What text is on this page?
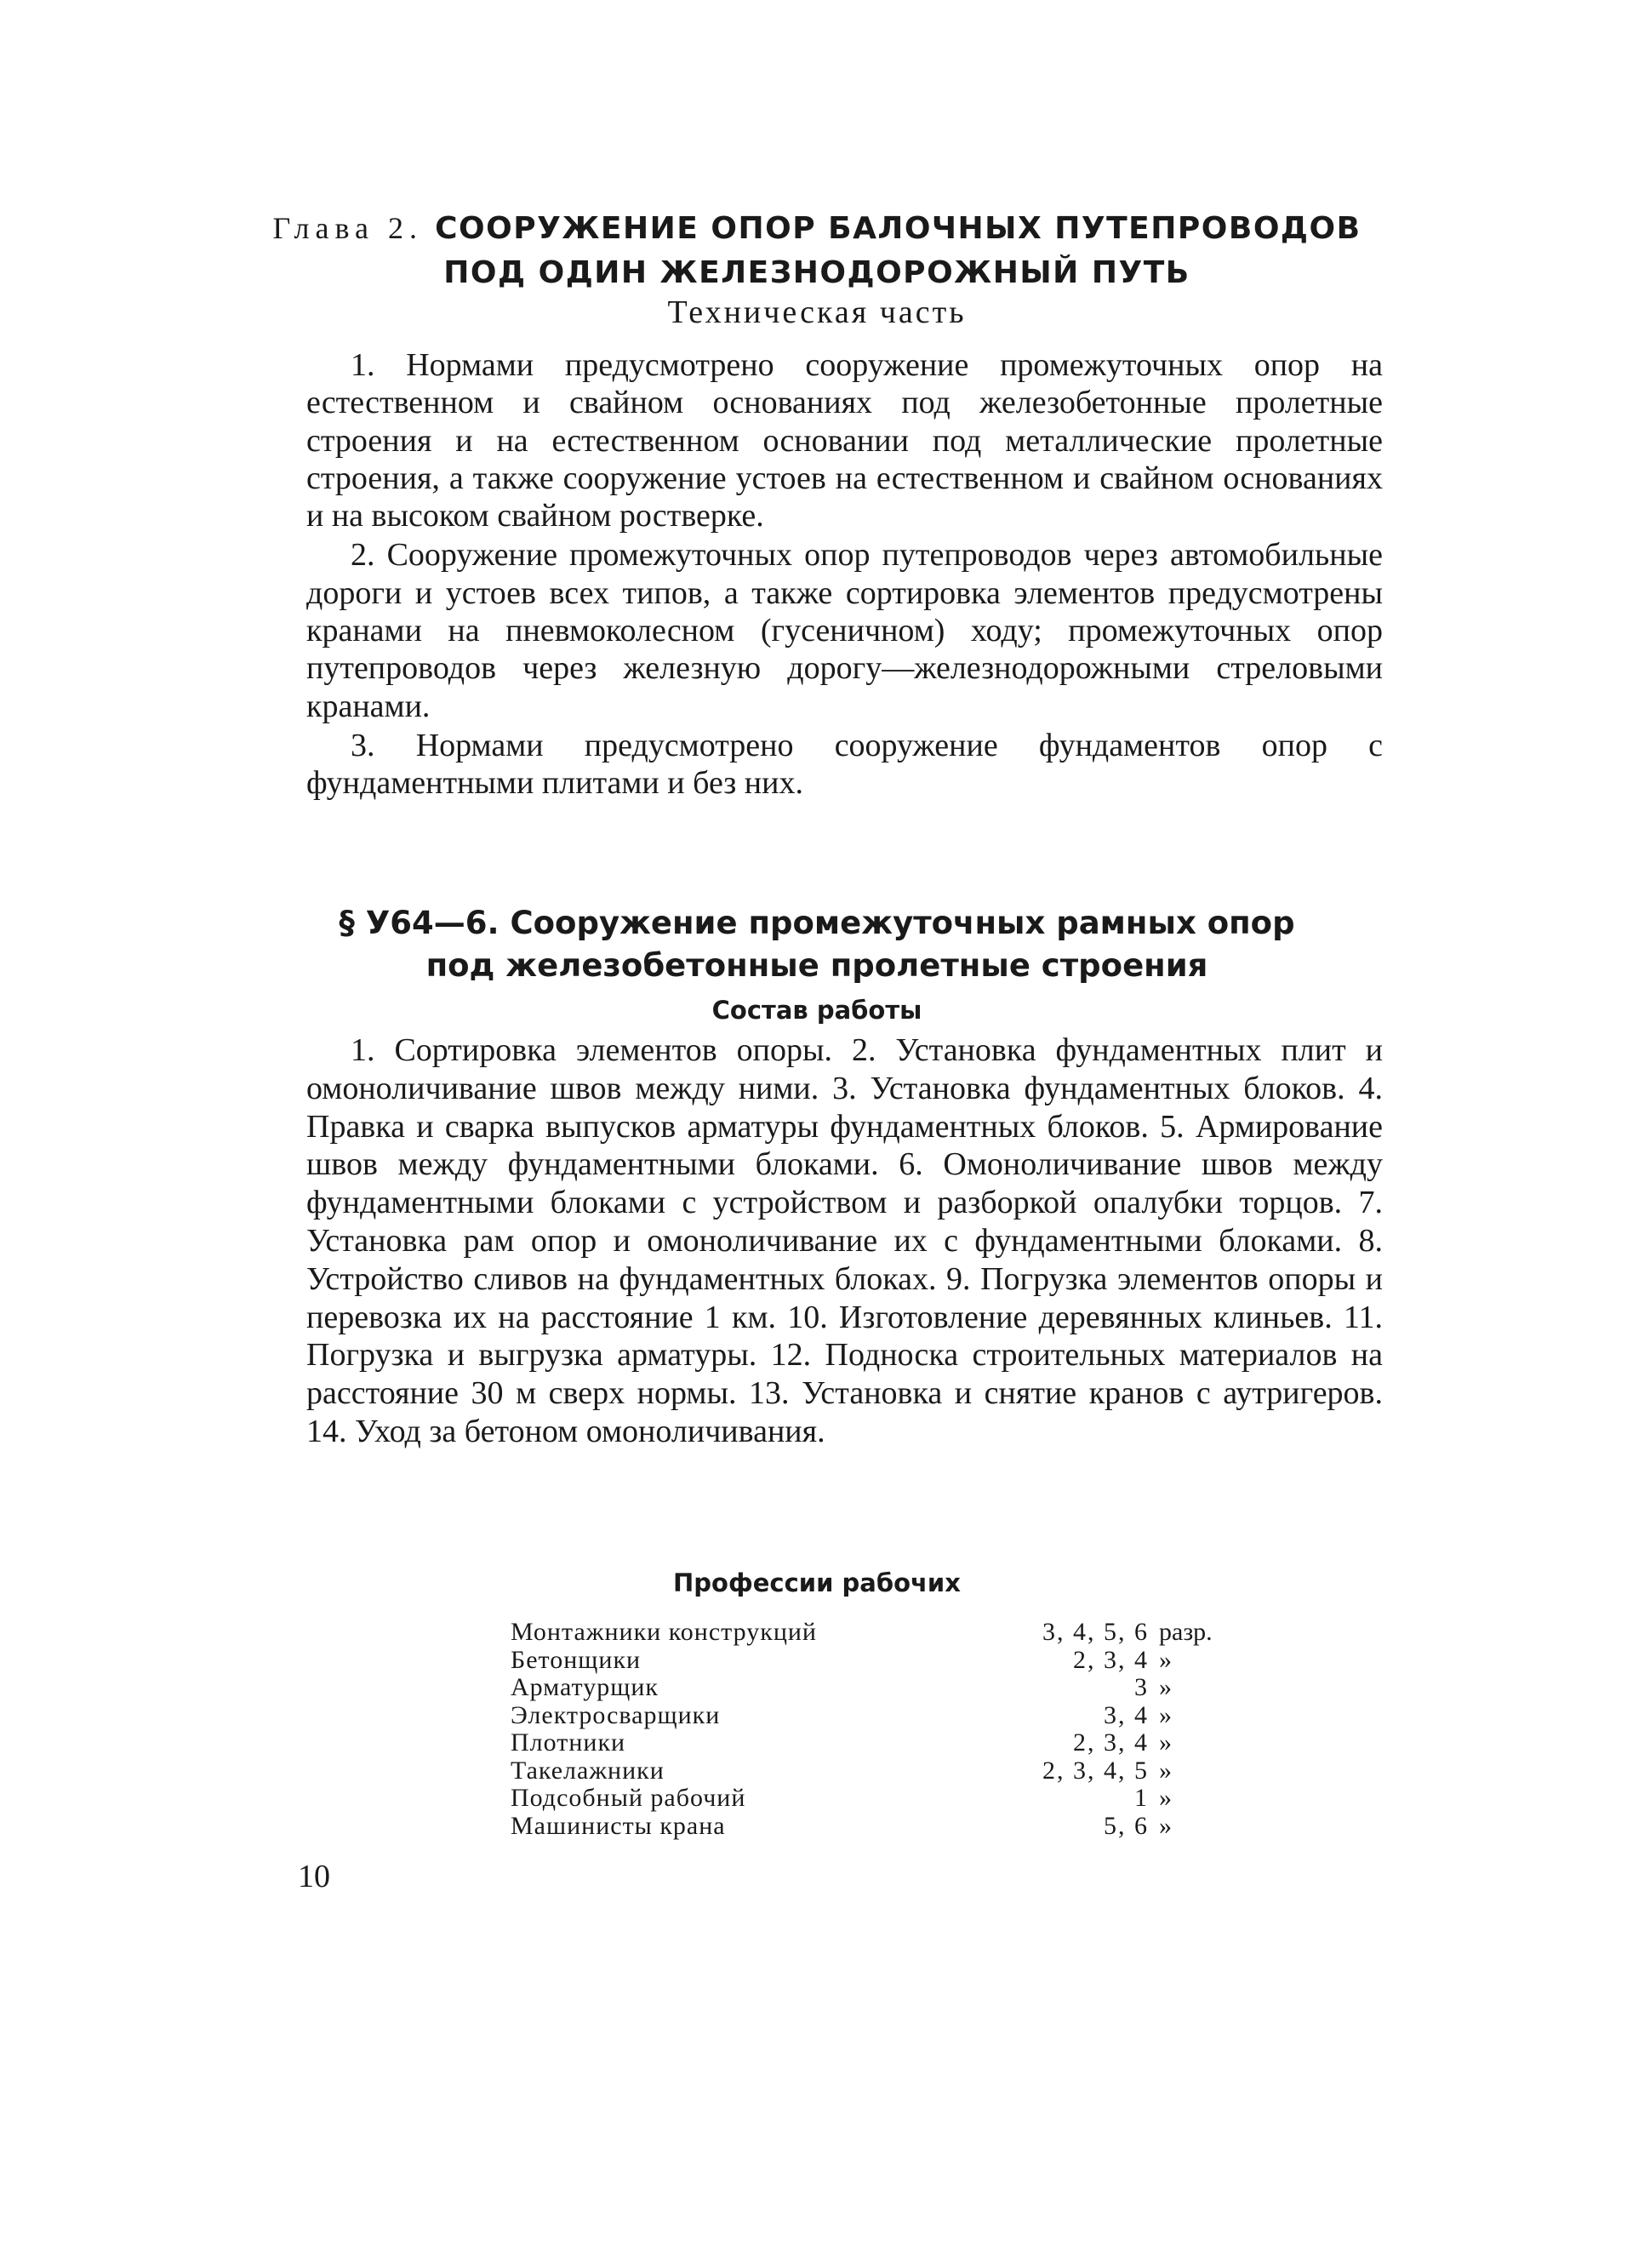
Глава 2. СООРУЖЕНИЕ ОПОР БАЛОЧНЫХ ПУТЕПРОВОДОВ
ПОД ОДИН ЖЕЛЕЗНОДОРОЖНЫЙ ПУТЬ
Техническая часть

1. Нормами предусмотрено сооружение промежуточных опор на естественном и свайном основаниях под железобетонные пролетные строения и на естественном основании под металлические пролетные строения, а также сооружение устоев на естественном и свайном основаниях и на высоком свайном ростверке.

2. Сооружение промежуточных опор путепроводов через автомобильные дороги и устоев всех типов, а также сортировка элементов предусмотрены кранами на пневмоколесном (гусеничном) ходу; промежуточных опор путепроводов через железную дорогу—железнодорожными стреловыми кранами.

3. Нормами предусмотрено сооружение фундаментов опор с фундаментными плитами и без них.

§ У64—6. Сооружение промежуточных рамных опор
под железобетонные пролетные строения
Состав работы

1. Сортировка элементов опоры. 2. Установка фундаментных плит и омоноличивание швов между ними. 3. Установка фундаментных блоков. 4. Правка и сварка выпусков арматуры фундаментных блоков. 5. Армирование швов между фундаментными блоками. 6. Омоноличивание швов между фундаментными блоками с устройством и разборкой опалубки торцов. 7. Установка рам опор и омоноличивание их с фундаментными блоками. 8. Устройство сливов на фундаментных блоках. 9. Погрузка элементов опоры и перевозка их на расстояние 1 км. 10. Изготовление деревянных клиньев. 11. Погрузка и выгрузка арматуры. 12. Подноска строительных материалов на расстояние 30 м сверх нормы. 13. Установка и снятие кранов с аутригеров. 14. Уход за бетоном омоноличивания.

Профессии рабочих
Монтажники конструкций	3, 4, 5, 6 разр.
Бетонщики	2, 3, 4 »
Арматурщик	3 »
Электросварщики	3, 4 »
Плотники	2, 3, 4 »
Такелажники	2, 3, 4, 5 »
Подсобный рабочий	1 »
Машинисты крана	5, 6 »
10
